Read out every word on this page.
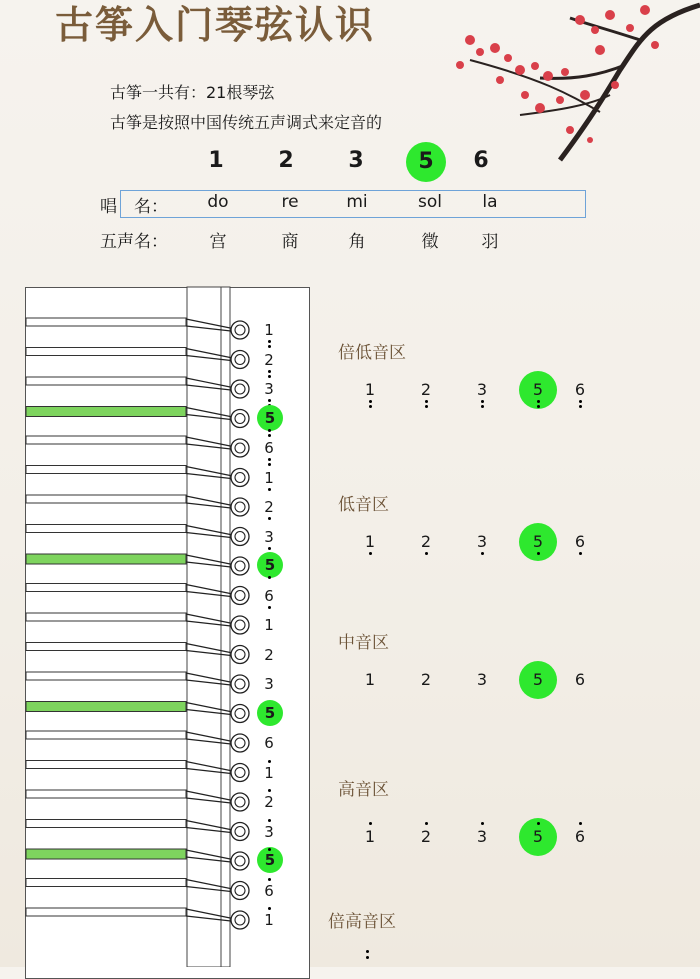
古筝入门琴弦认识
古筝一共有：21根琴弦
古筝是按照中国传统五声调式来定音的
1	2	3	5	6
唱　名：	do	re	mi	sol	la
五声名：	宫	商	角	徵	羽
1
2
3
5
6
1
2
3
5
6
1
2
3
5
6
1
2
3
5
6
1
倍低音区
1	2	3	5	6
低音区
1	2	3	5	6
中音区
1	2	3	5	6
高音区
1	2	3	5	6
倍高音区
